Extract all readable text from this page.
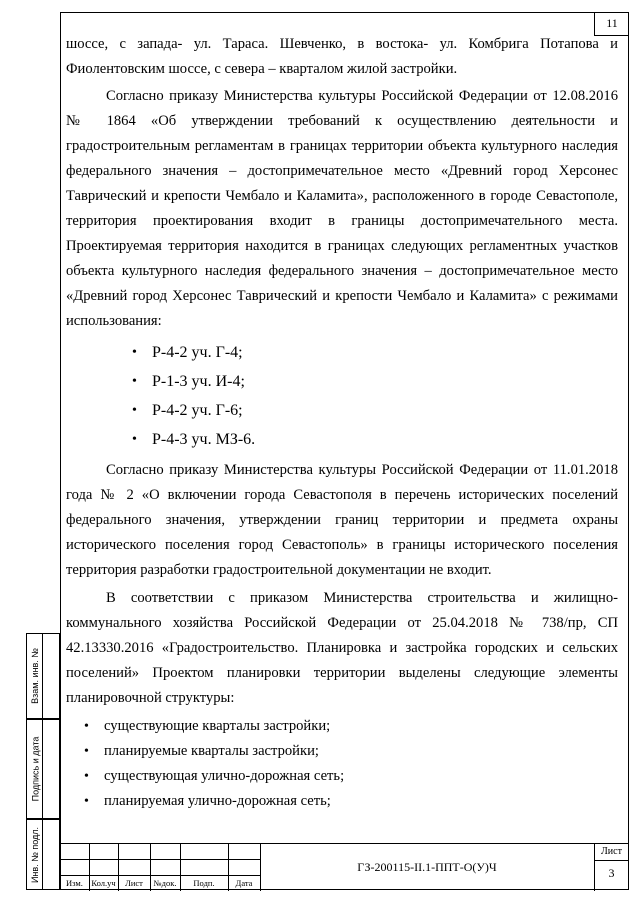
11

шоссе, с запада- ул. Тараса. Шевченко, в востока- ул. Комбрига Потапова и Фиолентовским шоссе, с севера – кварталом жилой застройки.

Согласно приказу Министерства культуры Российской Федерации от 12.08.2016 № 1864 «Об утверждении требований к осуществлению деятельности и градостроительным регламентам в границах территории объекта культурного наследия федерального значения – достопримечательное место «Древний город Херсонес Таврический и крепости Чембало и Каламита», расположенного в городе Севастополе, территория проектирования входит в границы достопримечательного места. Проектируемая территория находится в границах следующих регламентных участков объекта культурного наследия федерального значения – достопримечательное место «Древний город Херсонес Таврический и крепости Чембало и Каламита» с режимами использования:

• Р-4-2 уч. Г-4;
• Р-1-3 уч. И-4;
• Р-4-2 уч. Г-6;
• Р-4-3 уч. МЗ-6.

Согласно приказу Министерства культуры Российской Федерации от 11.01.2018 года № 2 «О включении города Севастополя в перечень исторических поселений федерального значения, утверждении границ территории и предмета охраны исторического поселения город Севастополь» в границы исторического поселения территория разработки градостроительной документации не входит.

В соответствии с приказом Министерства строительства и жилищно-коммунального хозяйства Российской Федерации от 25.04.2018 № 738/пр, СП 42.13330.2016 «Градостроительство. Планировка и застройка городских и сельских поселений» Проектом планировки территории выделены следующие элементы планировочной структуры:

• существующие кварталы застройки;
• планируемые кварталы застройки;
• существующая улично-дорожная сеть;
• планируемая улично-дорожная сеть;
Взам. инв. №
Подпись и дата
Инв. № подл.
Изм. Кол.уч	Лист	№док.	Подп.	Дата
ГЗ-200115-II.1-ППТ-О(У)Ч
Лист
3
